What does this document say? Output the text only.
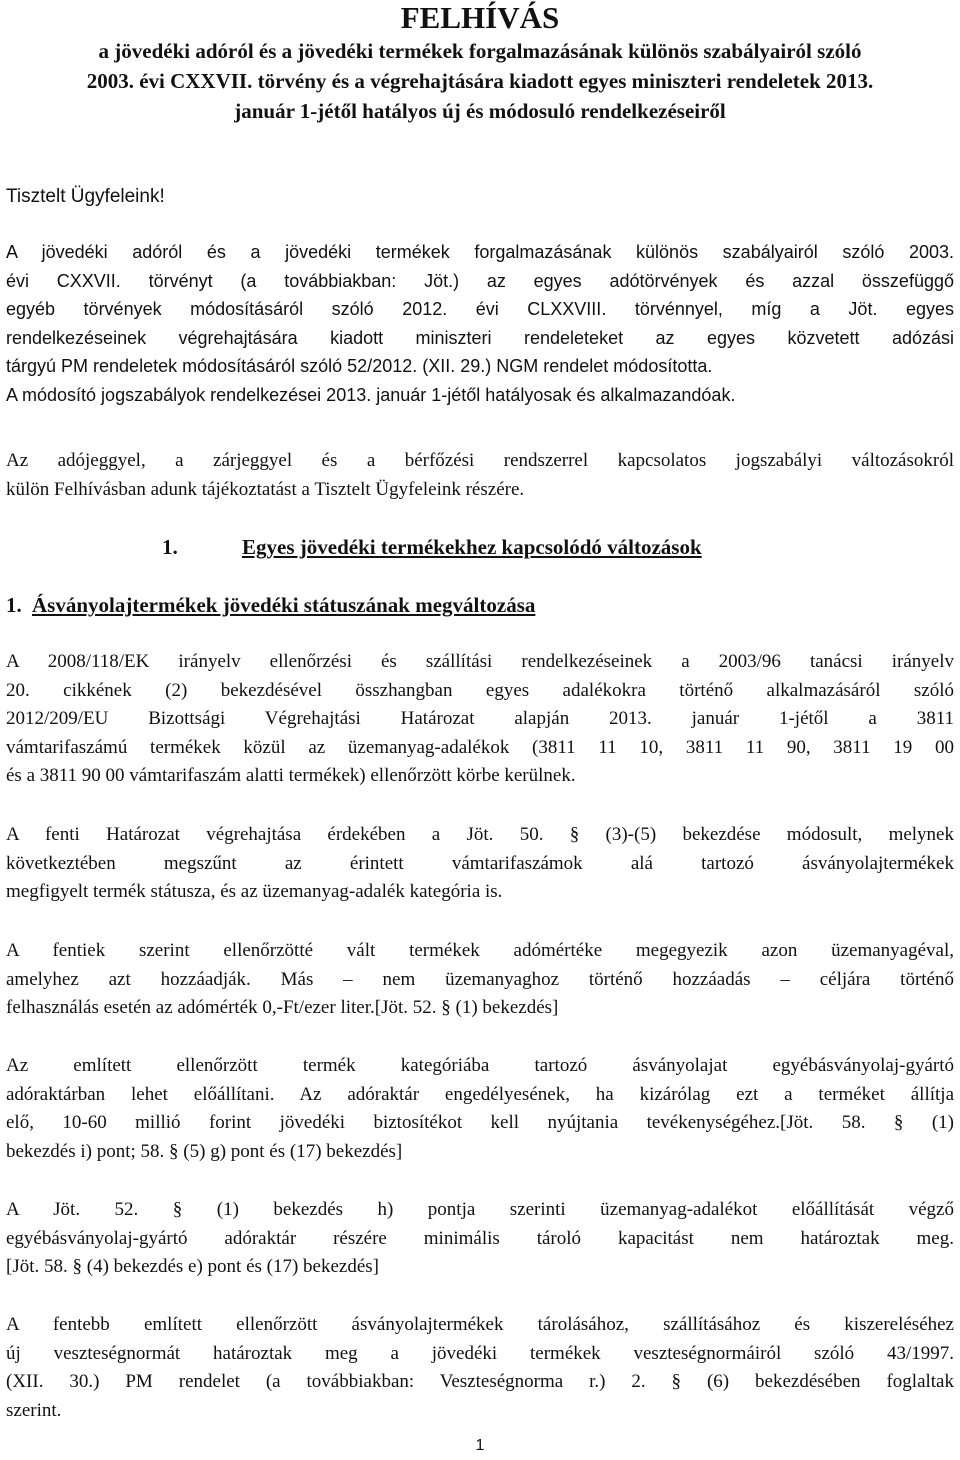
FELHÍVÁS
a jövedéki adóról és a jövedéki termékek forgalmazásának különös szabályairól szóló
2003. évi CXXVII. törvény és a végrehajtására kiadott egyes miniszteri rendeletek 2013.
január 1-jétől hatályos új és módosuló rendelkezéseiről
Tisztelt Ügyfeleink!
A jövedéki adóról és a jövedéki termékek forgalmazásának különös szabályairól szóló 2003.
évi CXXVII. törvényt (a továbbiakban: Jöt.) az egyes adótörvények és azzal összefüggő
egyéb törvények módosításáról szóló 2012. évi CLXXVIII. törvénnyel, míg a Jöt. egyes
rendelkezéseinek végrehajtására kiadott miniszteri rendeleteket az egyes közvetett adózási
tárgyú PM rendeletek módosításáról szóló 52/2012. (XII. 29.) NGM rendelet módosította.
A módosító jogszabályok rendelkezései 2013. január 1-jétől hatályosak és alkalmazandóak.
Az adójeggyel, a zárjeggyel és a bérfőzési rendszerrel kapcsolatos jogszabályi változásokról
külön Felhívásban adunk tájékoztatást a Tisztelt Ügyfeleink részére.
1.	Egyes jövedéki termékekhez kapcsolódó változások
1. Ásványolajtermékek jövedéki státuszának megváltozása
A 2008/118/EK irányelv ellenőrzési és szállítási rendelkezéseinek a 2003/96 tanácsi irányelv
20. cikkének (2) bekezdésével összhangban egyes adalékokra történő alkalmazásáról szóló
2012/209/EU Bizottsági Végrehajtási Határozat alapján 2013. január 1-jétől a 3811
vámtarifaszámú termékek közül az üzemanyag-adalékok (3811 11 10, 3811 11 90, 3811 19 00
és a 3811 90 00 vámtarifaszám alatti termékek) ellenőrzött körbe kerülnek.
A fenti Határozat végrehajtása érdekében a Jöt. 50. § (3)-(5) bekezdése módosult, melynek
következtében megszűnt az érintett vámtarifaszámok alá tartozó ásványolajtermékek
megfigyelt termék státusza, és az üzemanyag-adalék kategória is.
A fentiek szerint ellenőrzötté vált termékek adómértéke megegyezik azon üzemanyagéval,
amelyhez azt hozzáadják. Más – nem üzemanyaghoz történő hozzáadás – céljára történő
felhasználás esetén az adómérték 0,-Ft/ezer liter.[Jöt. 52. § (1) bekezdés]
Az említett ellenőrzött termék kategóriába tartozó ásványolajat egyébásványolaj-gyártó
adóraktárban lehet előállítani. Az adóraktár engedélyesének, ha kizárólag ezt a terméket állítja
elő, 10-60 millió forint jövedéki biztosítékot kell nyújtania tevékenységéhez.[Jöt. 58. § (1)
bekezdés i) pont; 58. § (5) g) pont és (17) bekezdés]
A Jöt. 52. § (1) bekezdés h) pontja szerinti üzemanyag-adalékot előállítását végző
egyébásványolaj-gyártó adóraktár részére minimális tároló kapacitást nem határoztak meg.
[Jöt. 58. § (4) bekezdés e) pont és (17) bekezdés]
A fentebb említett ellenőrzött ásványolajtermékek tárolásához, szállításához és kiszereléséhez
új veszteségnormát határoztak meg a jövedéki termékek veszteségnormáiról szóló 43/1997.
(XII. 30.) PM rendelet (a továbbiakban: Veszteségnorma r.) 2. § (6) bekezdésében foglaltak
szerint.
1
